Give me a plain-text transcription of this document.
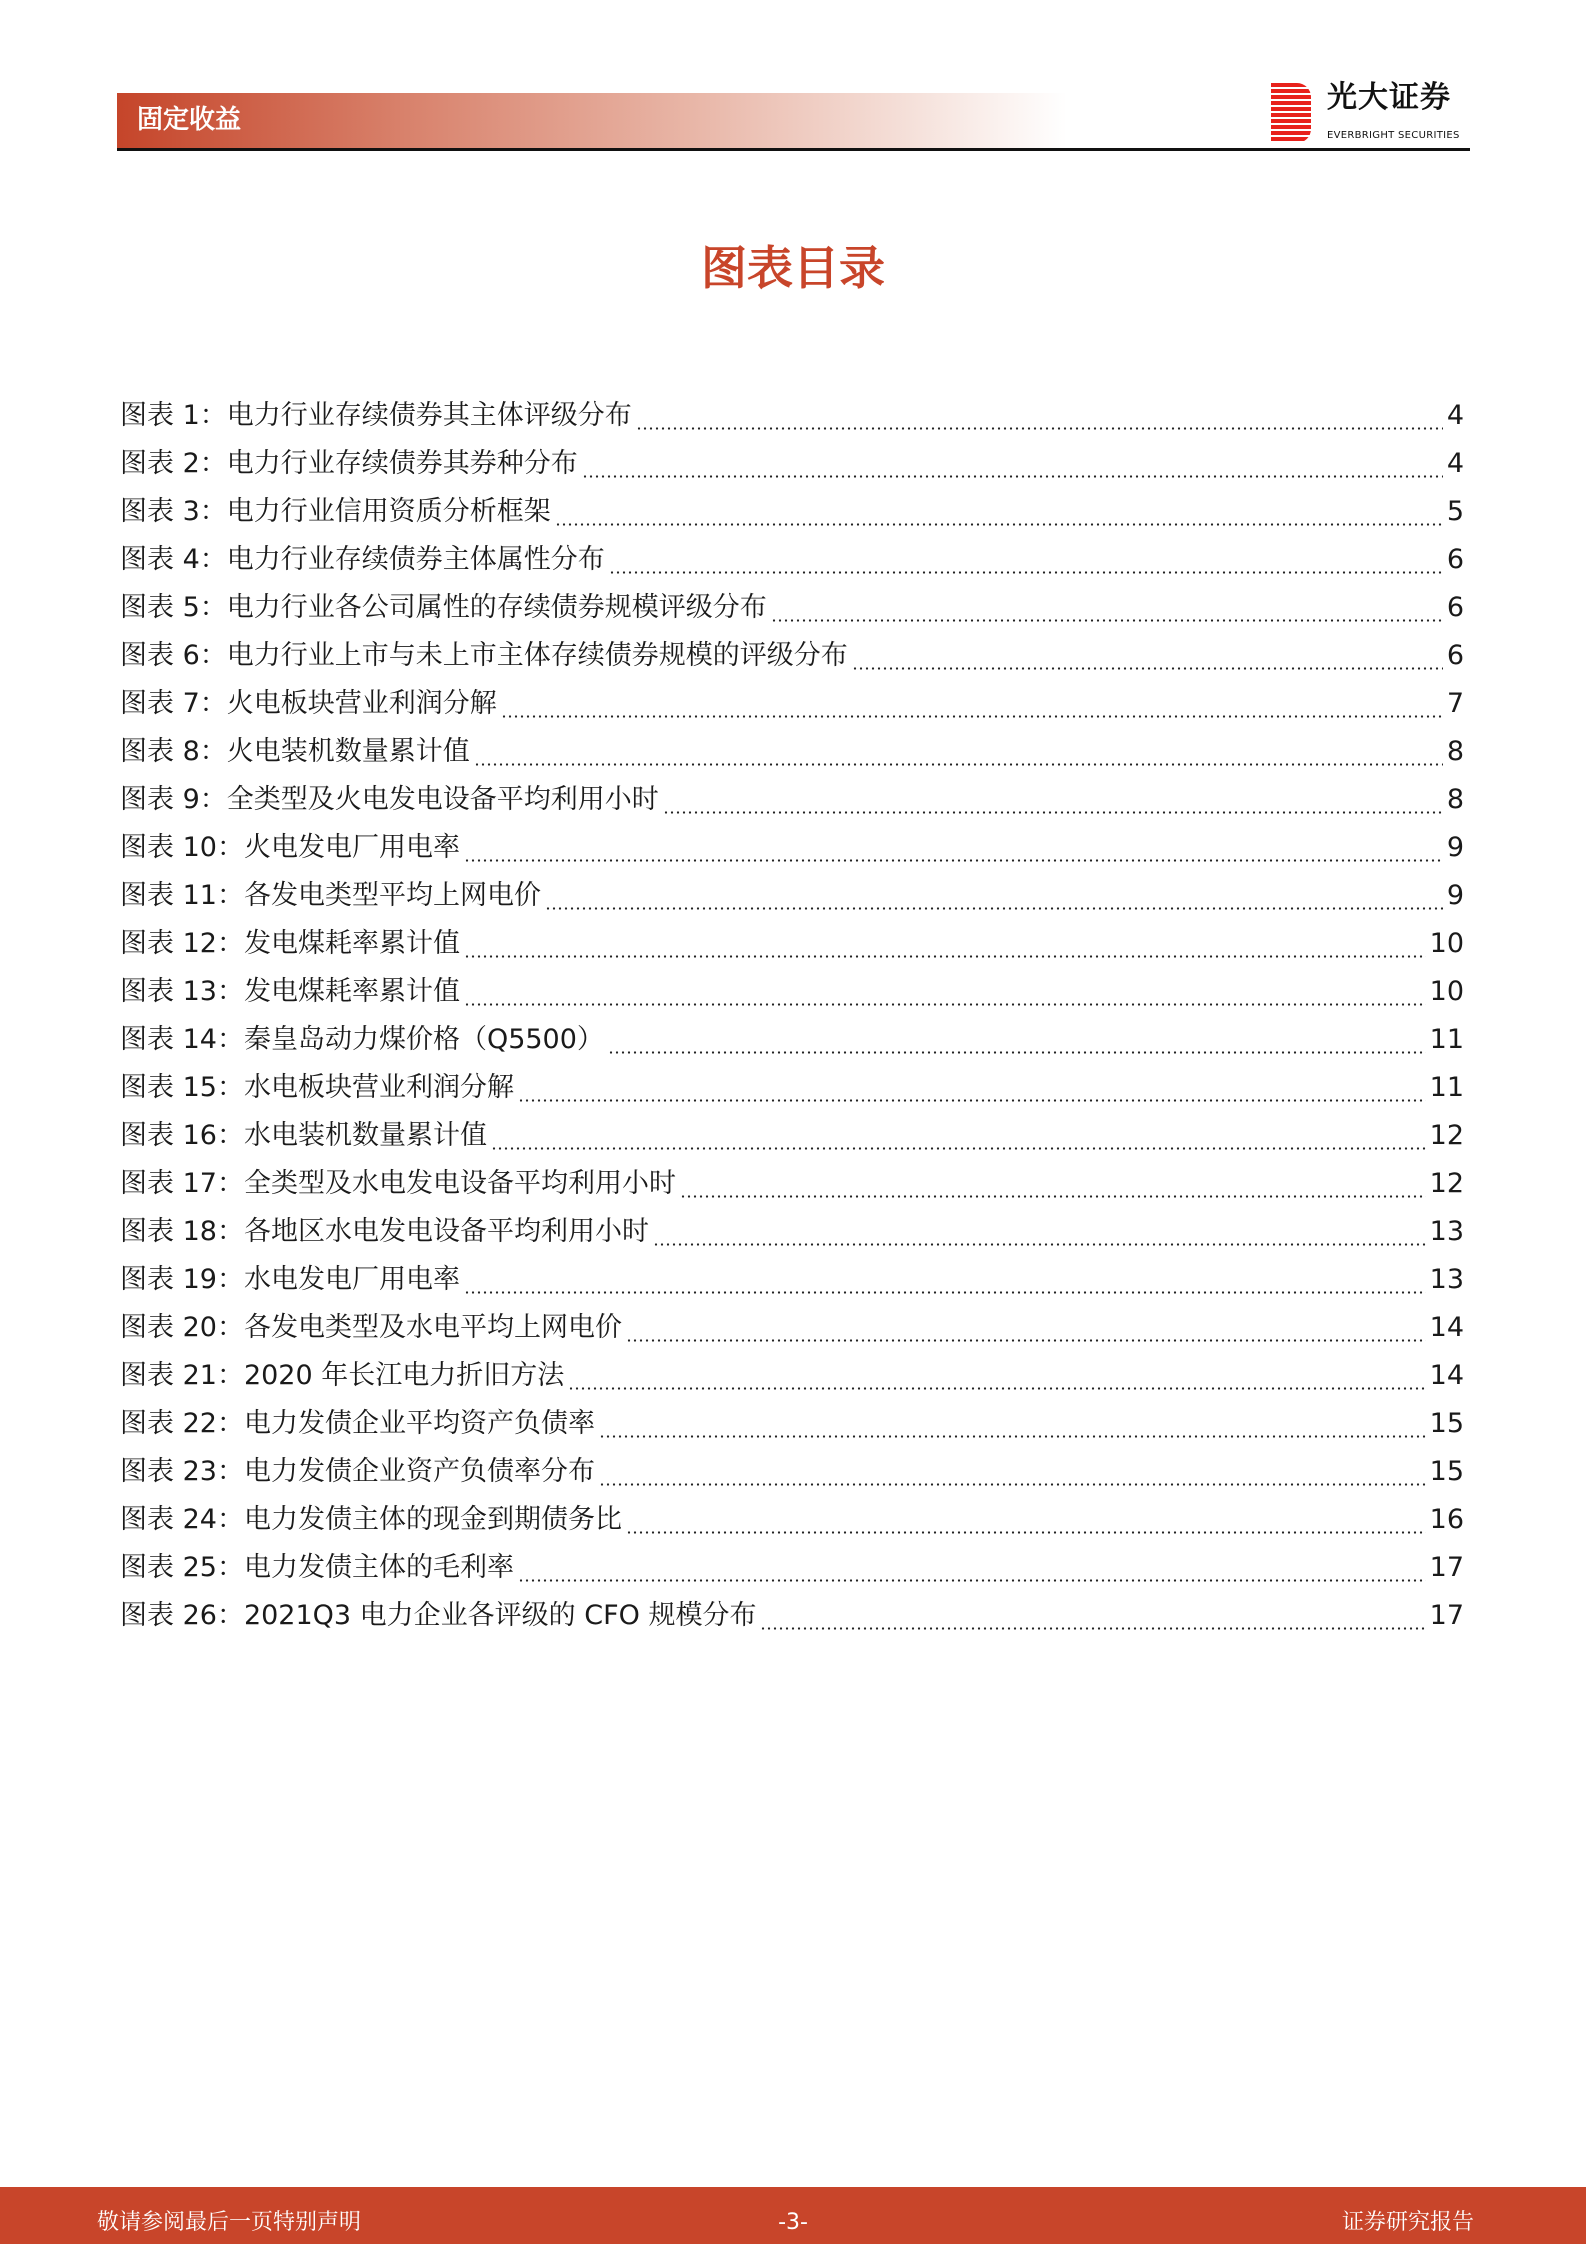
固定收益
光大证券
EVERBRIGHT SECURITIES
图表目录
图表 1：电力行业存续债券其主体评级分布	4
图表 2：电力行业存续债券其券种分布	4
图表 3：电力行业信用资质分析框架	5
图表 4：电力行业存续债券主体属性分布	6
图表 5：电力行业各公司属性的存续债券规模评级分布	6
图表 6：电力行业上市与未上市主体存续债券规模的评级分布	6
图表 7：火电板块营业利润分解	7
图表 8：火电装机数量累计值	8
图表 9：全类型及火电发电设备平均利用小时	8
图表 10：火电发电厂用电率	9
图表 11：各发电类型平均上网电价	9
图表 12：发电煤耗率累计值	10
图表 13：发电煤耗率累计值	10
图表 14：秦皇岛动力煤价格（Q5500）	11
图表 15：水电板块营业利润分解	11
图表 16：水电装机数量累计值	12
图表 17：全类型及水电发电设备平均利用小时	12
图表 18：各地区水电发电设备平均利用小时	13
图表 19：水电发电厂用电率	13
图表 20：各发电类型及水电平均上网电价	14
图表 21：2020 年长江电力折旧方法	14
图表 22：电力发债企业平均资产负债率	15
图表 23：电力发债企业资产负债率分布	15
图表 24：电力发债主体的现金到期债务比	16
图表 25：电力发债主体的毛利率	17
图表 26：2021Q3 电力企业各评级的 CFO 规模分布	17
敬请参阅最后一页特别声明	-3-	证券研究报告
